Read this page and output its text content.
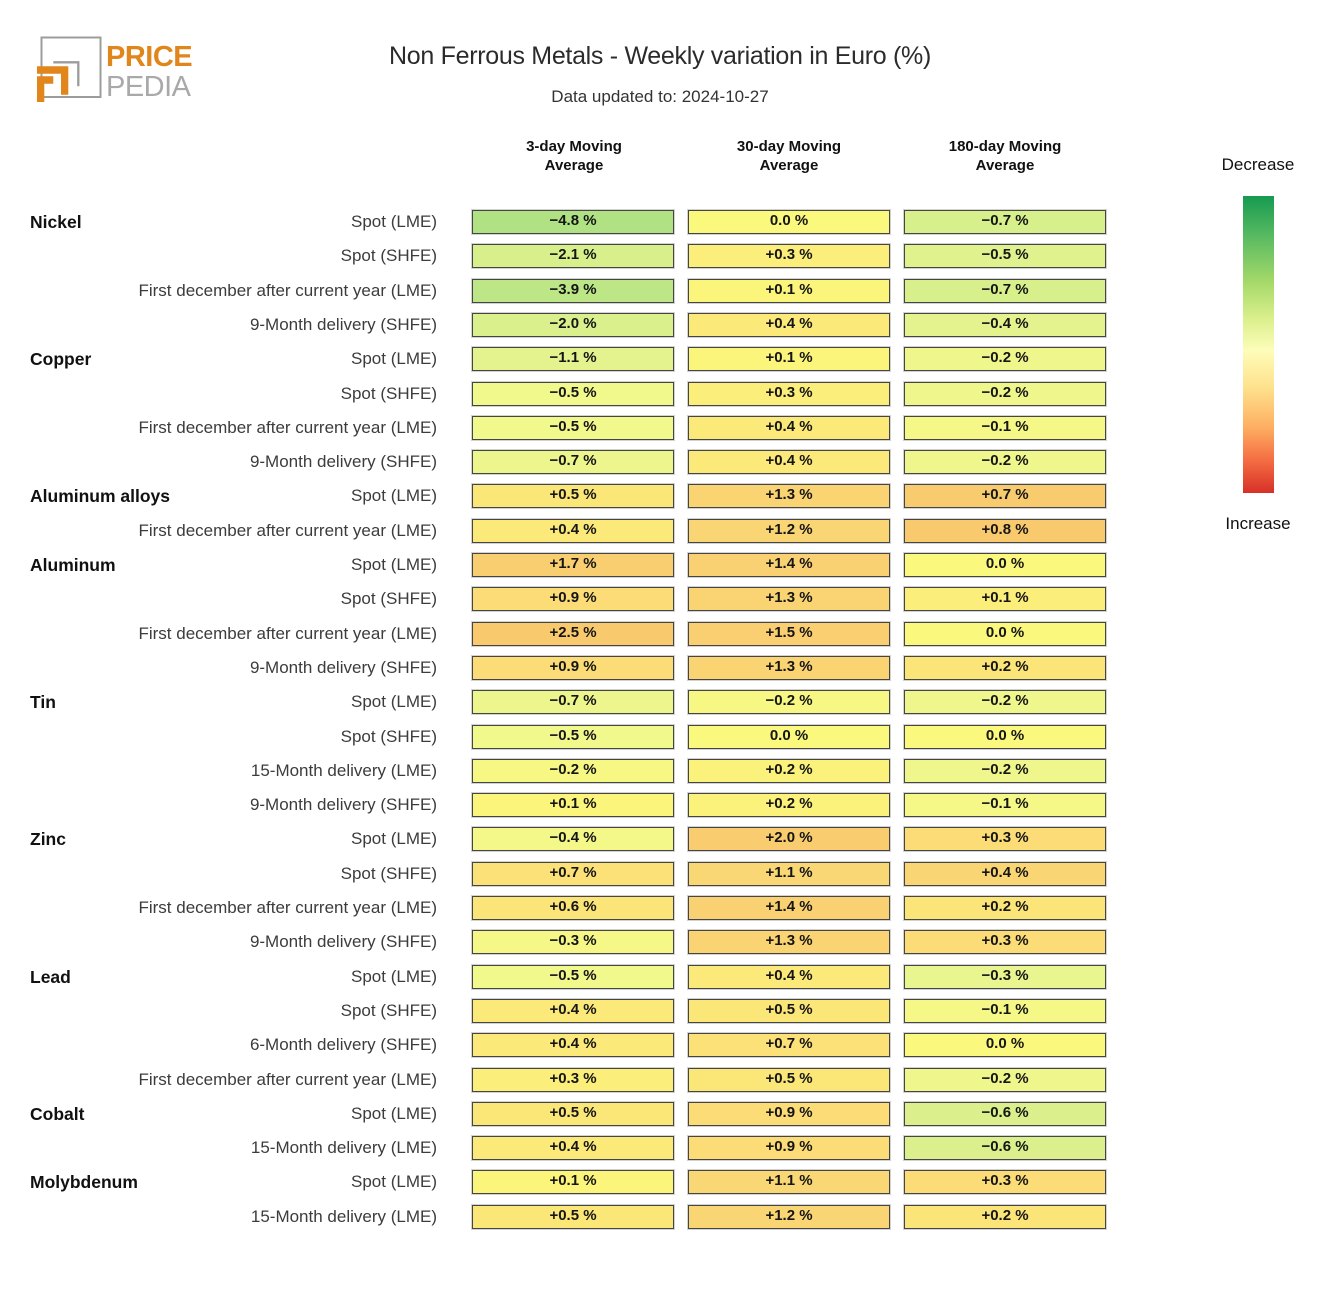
PRICE
PEDIA
Non Ferrous Metals - Weekly variation in Euro (%)
Data updated to: 2024-10-27
3-day Moving Average
30-day Moving Average
180-day Moving Average	Decrease
Increase
Nickel	Spot (LME)	−4.8 %	0.0 %	−0.7 %
Spot (SHFE)	−2.1 %	+0.3 %	−0.5 %
First december after current year (LME)	−3.9 %	+0.1 %	−0.7 %
9-Month delivery (SHFE)	−2.0 %	+0.4 %	−0.4 %
Copper	Spot (LME)	−1.1 %	+0.1 %	−0.2 %
Spot (SHFE)	−0.5 %	+0.3 %	−0.2 %
First december after current year (LME)	−0.5 %	+0.4 %	−0.1 %
9-Month delivery (SHFE)	−0.7 %	+0.4 %	−0.2 %
Aluminum alloys	Spot (LME)	+0.5 %	+1.3 %	+0.7 %
First december after current year (LME)	+0.4 %	+1.2 %	+0.8 %
Aluminum	Spot (LME)	+1.7 %	+1.4 %	0.0 %
Spot (SHFE)	+0.9 %	+1.3 %	+0.1 %
First december after current year (LME)	+2.5 %	+1.5 %	0.0 %
9-Month delivery (SHFE)	+0.9 %	+1.3 %	+0.2 %
Tin	Spot (LME)	−0.7 %	−0.2 %	−0.2 %
Spot (SHFE)	−0.5 %	0.0 %	0.0 %
15-Month delivery (LME)	−0.2 %	+0.2 %	−0.2 %
9-Month delivery (SHFE)	+0.1 %	+0.2 %	−0.1 %
Zinc	Spot (LME)	−0.4 %	+2.0 %	+0.3 %
Spot (SHFE)	+0.7 %	+1.1 %	+0.4 %
First december after current year (LME)	+0.6 %	+1.4 %	+0.2 %
9-Month delivery (SHFE)	−0.3 %	+1.3 %	+0.3 %
Lead	Spot (LME)	−0.5 %	+0.4 %	−0.3 %
Spot (SHFE)	+0.4 %	+0.5 %	−0.1 %
6-Month delivery (SHFE)	+0.4 %	+0.7 %	0.0 %
First december after current year (LME)	+0.3 %	+0.5 %	−0.2 %
Cobalt	Spot (LME)	+0.5 %	+0.9 %	−0.6 %
15-Month delivery (LME)	+0.4 %	+0.9 %	−0.6 %
Molybdenum	Spot (LME)	+0.1 %	+1.1 %	+0.3 %
15-Month delivery (LME)	+0.5 %	+1.2 %	+0.2 %
